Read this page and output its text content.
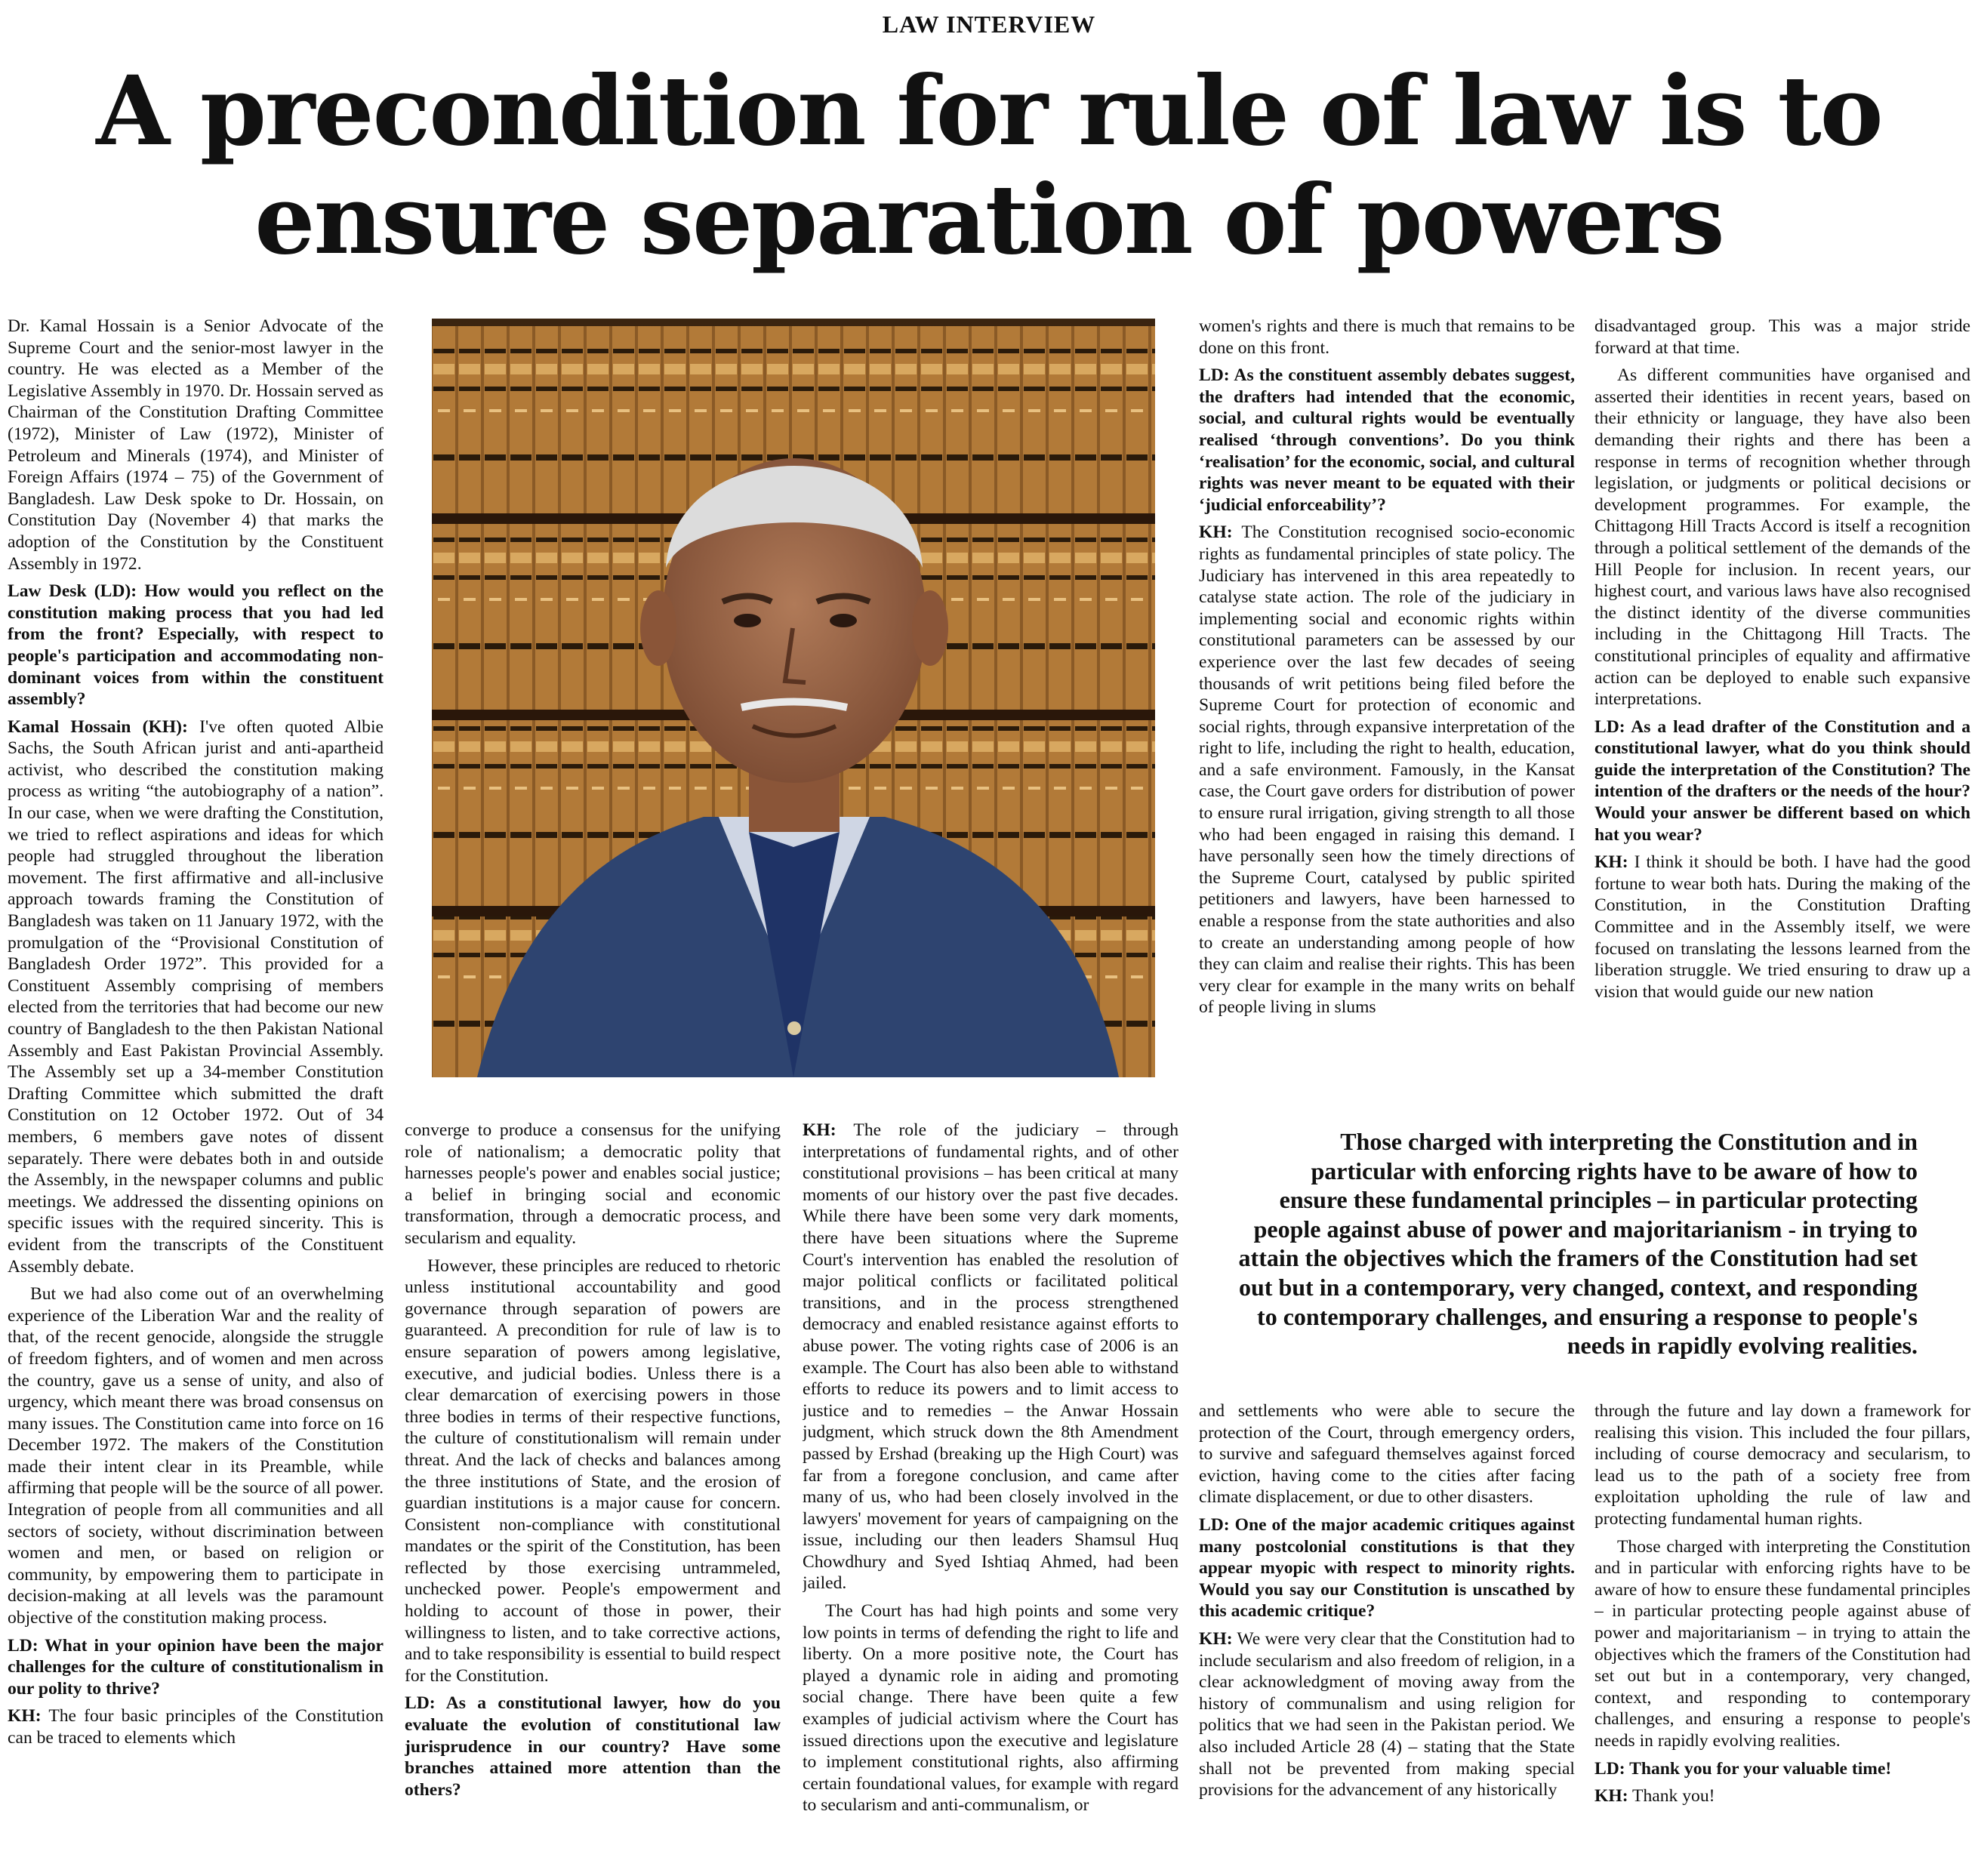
LAW INTERVIEW
A precondition for rule of law is to ensure separation of powers

Dr. Kamal Hossain is a Senior Advocate of the Supreme Court and the senior-most lawyer in the country. He was elected as a Member of the Legislative Assembly in 1970. Dr. Hossain served as Chairman of the Constitution Drafting Committee (1972), Minister of Law (1972), Minister of Petroleum and Minerals (1974), and Minister of Foreign Affairs (1974 – 75) of the Government of Bangladesh. Law Desk spoke to Dr. Hossain, on Constitution Day (November 4) that marks the adoption of the Constitution by the Constituent Assembly in 1972.

Law Desk (LD): How would you reflect on the constitution making process that you had led from the front? Especially, with respect to people's participation and accommodating non-dominant voices from within the constituent assembly?

Kamal Hossain (KH): I've often quoted Albie Sachs, the South African jurist and anti-apartheid activist, who described the constitution making process as writing “the autobiography of a nation”. In our case, when we were drafting the Constitution, we tried to reflect aspirations and ideas for which people had struggled throughout the liberation movement. The first affirmative and all-inclusive approach towards framing the Constitution of Bangladesh was taken on 11 January 1972, with the promulgation of the “Provisional Constitution of Bangladesh Order 1972”. This provided for a Constituent Assembly comprising of members elected from the territories that had become our new country of Bangladesh to the then Pakistan National Assembly and East Pakistan Provincial Assembly. The Assembly set up a 34-member Constitution Drafting Committee which submitted the draft Constitution on 12 October 1972. Out of 34 members, 6 members gave notes of dissent separately. There were debates both in and outside the Assembly, in the newspaper columns and public meetings. We addressed the dissenting opinions on specific issues with the required sincerity. This is evident from the transcripts of the Constituent Assembly debate.

But we had also come out of an overwhelming experience of the Liberation War and the reality of that, of the recent genocide, alongside the struggle of freedom fighters, and of women and men across the country, gave us a sense of unity, and also of urgency, which meant there was broad consensus on many issues. The Constitution came into force on 16 December 1972. The makers of the Constitution made their intent clear in its Preamble, while affirming that people will be the source of all power. Integration of people from all communities and all sectors of society, without discrimination between women and men, or based on religion or community, by empowering them to participate in decision-making at all levels was the paramount objective of the constitution making process.

LD: What in your opinion have been the major challenges for the culture of constitutionalism in our polity to thrive?

KH: The four basic principles of the Constitution can be traced to elements which

converge to produce a consensus for the unifying role of nationalism; a democratic polity that harnesses people's power and enables social justice; a belief in bringing social and economic transformation, through a democratic process, and secularism and equality.

However, these principles are reduced to rhetoric unless institutional accountability and good governance through separation of powers are guaranteed. A precondition for rule of law is to ensure separation of powers among legislative, executive, and judicial bodies. Unless there is a clear demarcation of exercising powers in those three bodies in terms of their respective functions, the culture of constitutionalism will remain under threat. And the lack of checks and balances among the three institutions of State, and the erosion of guardian institutions is a major cause for concern. Consistent non-compliance with constitutional mandates or the spirit of the Constitution, has been reflected by those exercising untrammeled, unchecked power. People's empowerment and holding to account of those in power, their willingness to listen, and to take corrective actions, and to take responsibility is essential to build respect for the Constitution.

LD: As a constitutional lawyer, how do you evaluate the evolution of constitutional law jurisprudence in our country? Have some branches attained more attention than the others?

KH: The role of the judiciary – through interpretations of fundamental rights, and of other constitutional provisions – has been critical at many moments of our history over the past five decades. While there have been some very dark moments, there have been situations where the Supreme Court's intervention has enabled the resolution of major political conflicts or facilitated political transitions, and in the process strengthened democracy and enabled resistance against efforts to abuse power. The voting rights case of 2006 is an example. The Court has also been able to withstand efforts to reduce its powers and to limit access to justice and to remedies – the Anwar Hossain judgment, which struck down the 8th Amendment passed by Ershad (breaking up the High Court) was far from a foregone conclusion, and came after many of us, who had been closely involved in the lawyers' movement for years of campaigning on the issue, including our then leaders Shamsul Huq Chowdhury and Syed Ishtiaq Ahmed, had been jailed.

The Court has had high points and some very low points in terms of defending the right to life and liberty. On a more positive note, the Court has played a dynamic role in aiding and promoting social change. There have been quite a few examples of judicial activism where the Court has issued directions upon the executive and legislature to implement constitutional rights, also affirming certain foundational values, for example with regard to secularism and anti-communalism, or

women's rights and there is much that remains to be done on this front.

LD: As the constituent assembly debates suggest, the drafters had intended that the economic, social, and cultural rights would be eventually realised ‘through conventions’. Do you think ‘realisation’ for the economic, social, and cultural rights was never meant to be equated with their ‘judicial enforceability’?

KH: The Constitution recognised socio-economic rights as fundamental principles of state policy. The Judiciary has intervened in this area repeatedly to catalyse state action. The role of the judiciary in implementing social and economic rights within constitutional parameters can be assessed by our experience over the last few decades of seeing thousands of writ petitions being filed before the Supreme Court for protection of economic and social rights, through expansive interpretation of the right to life, including the right to health, education, and a safe environment. Famously, in the Kansat case, the Court gave orders for distribution of power to ensure rural irrigation, giving strength to all those who had been engaged in raising this demand. I have personally seen how the timely directions of the Supreme Court, catalysed by public spirited petitioners and lawyers, have been harnessed to enable a response from the state authorities and also to create an understanding among people of how they can claim and realise their rights. This has been very clear for example in the many writs on behalf of people living in slums

disadvantaged group. This was a major stride forward at that time.

As different communities have organised and asserted their identities in recent years, based on their ethnicity or language, they have also been demanding their rights and there has been a response in terms of recognition whether through legislation, or judgments or political decisions or development programmes. For example, the Chittagong Hill Tracts Accord is itself a recognition through a political settlement of the demands of the Hill People for inclusion. In recent years, our highest court, and various laws have also recognised the distinct identity of the diverse communities including in the Chittagong Hill Tracts. The constitutional principles of equality and affirmative action can be deployed to enable such expansive interpretations.

LD: As a lead drafter of the Constitution and a constitutional lawyer, what do you think should guide the interpretation of the Constitution? The intention of the drafters or the needs of the hour? Would your answer be different based on which hat you wear?

KH: I think it should be both. I have had the good fortune to wear both hats. During the making of the Constitution, in the Constitution Drafting Committee and in the Assembly itself, we were focused on translating the lessons learned from the liberation struggle. We tried ensuring to draw up a vision that would guide our new nation

Those charged with interpreting the Constitution and in particular with enforcing rights have to be aware of how to ensure these fundamental principles – in particular protecting people against abuse of power and majoritarianism - in trying to attain the objectives which the framers of the Constitution had set out but in a contemporary, very changed, context, and responding to contemporary challenges, and ensuring a response to people's needs in rapidly evolving realities.

and settlements who were able to secure the protection of the Court, through emergency orders, to survive and safeguard themselves against forced eviction, having come to the cities after facing climate displacement, or due to other disasters.

LD: One of the major academic critiques against many postcolonial constitutions is that they appear myopic with respect to minority rights. Would you say our Constitution is unscathed by this academic critique?

KH: We were very clear that the Constitution had to include secularism and also freedom of religion, in a clear acknowledgment of moving away from the history of communalism and using religion for politics that we had seen in the Pakistan period. We also included Article 28 (4) – stating that the State shall not be prevented from making special provisions for the advancement of any historically

through the future and lay down a framework for realising this vision. This included the four pillars, including of course democracy and secularism, to lead us to the path of a society free from exploitation upholding the rule of law and protecting fundamental human rights.

Those charged with interpreting the Constitution and in particular with enforcing rights have to be aware of how to ensure these fundamental principles – in particular protecting people against abuse of power and majoritarianism – in trying to attain the objectives which the framers of the Constitution had set out but in a contemporary, very changed, context, and responding to contemporary challenges, and ensuring a response to people's needs in rapidly evolving realities.

LD: Thank you for your valuable time!

KH: Thank you!
